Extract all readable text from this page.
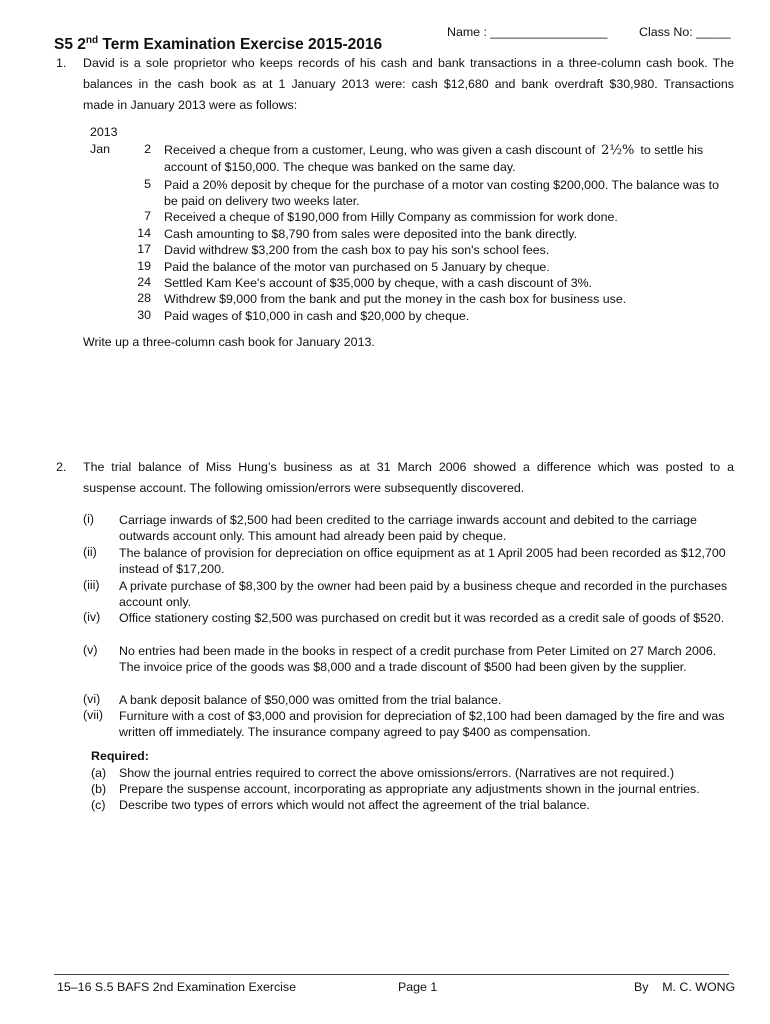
Name : _________________	Class No: _____
S5 2nd Term Examination Exercise 2015-2016
1. David is a sole proprietor who keeps records of his cash and bank transactions in a three-column cash book. The
balances in the cash book as at 1 January 2013 were: cash $12,680 and bank overdraft $30,980. Transactions
made in January 2013 were as follows:
2013
Jan	2 Received a cheque from a customer, Leung, who was given a cash discount of 2½% to settle his account of $150,000. The cheque was banked on the same day.
5 Paid a 20% deposit by cheque for the purchase of a motor van costing $200,000. The balance was to be paid on delivery two weeks later.
7 Received a cheque of $190,000 from Hilly Company as commission for work done.
14 Cash amounting to $8,790 from sales were deposited into the bank directly.
17 David withdrew $3,200 from the cash box to pay his son's school fees.
19 Paid the balance of the motor van purchased on 5 January by cheque.
24 Settled Kam Kee's account of $35,000 by cheque, with a cash discount of 3%.
28 Withdrew $9,000 from the bank and put the money in the cash box for business use.
30 Paid wages of $10,000 in cash and $20,000 by cheque.
Write up a three-column cash book for January 2013.
2. The trial balance of Miss Hung’s business as at 31 March 2006 showed a difference which was posted to a
suspense account. The following omission/errors were subsequently discovered.
(i)	Carriage inwards of $2,500 had been credited to the carriage inwards account and debited to the carriage outwards account only. This amount had already been paid by cheque.
(ii)	The balance of provision for depreciation on office equipment as at 1 April 2005 had been recorded as $12,700 instead of $17,200.
(iii)	A private purchase of $8,300 by the owner had been paid by a business cheque and recorded in the purchases account only.
(iv)	Office stationery costing $2,500 was purchased on credit but it was recorded as a credit sale of goods of $520.
(v)	No entries had been made in the books in respect of a credit purchase from Peter Limited on 27 March 2006. The invoice price of the goods was $8,000 and a trade discount of $500 had been given by the supplier.
(vi)	A bank deposit balance of $50,000 was omitted from the trial balance.
(vii)	Furniture with a cost of $3,000 and provision for depreciation of $2,100 had been damaged by the fire and was written off immediately. The insurance company agreed to pay $400 as compensation.
Required:
(a) Show the journal entries required to correct the above omissions/errors. (Narratives are not required.)
(b) Prepare the suspense account, incorporating as appropriate any adjustments shown in the journal entries.
(c) Describe two types of errors which would not affect the agreement of the trial balance.
15–16 S.5 BAFS 2nd Examination Exercise	Page 1	By    M. C. WONG
